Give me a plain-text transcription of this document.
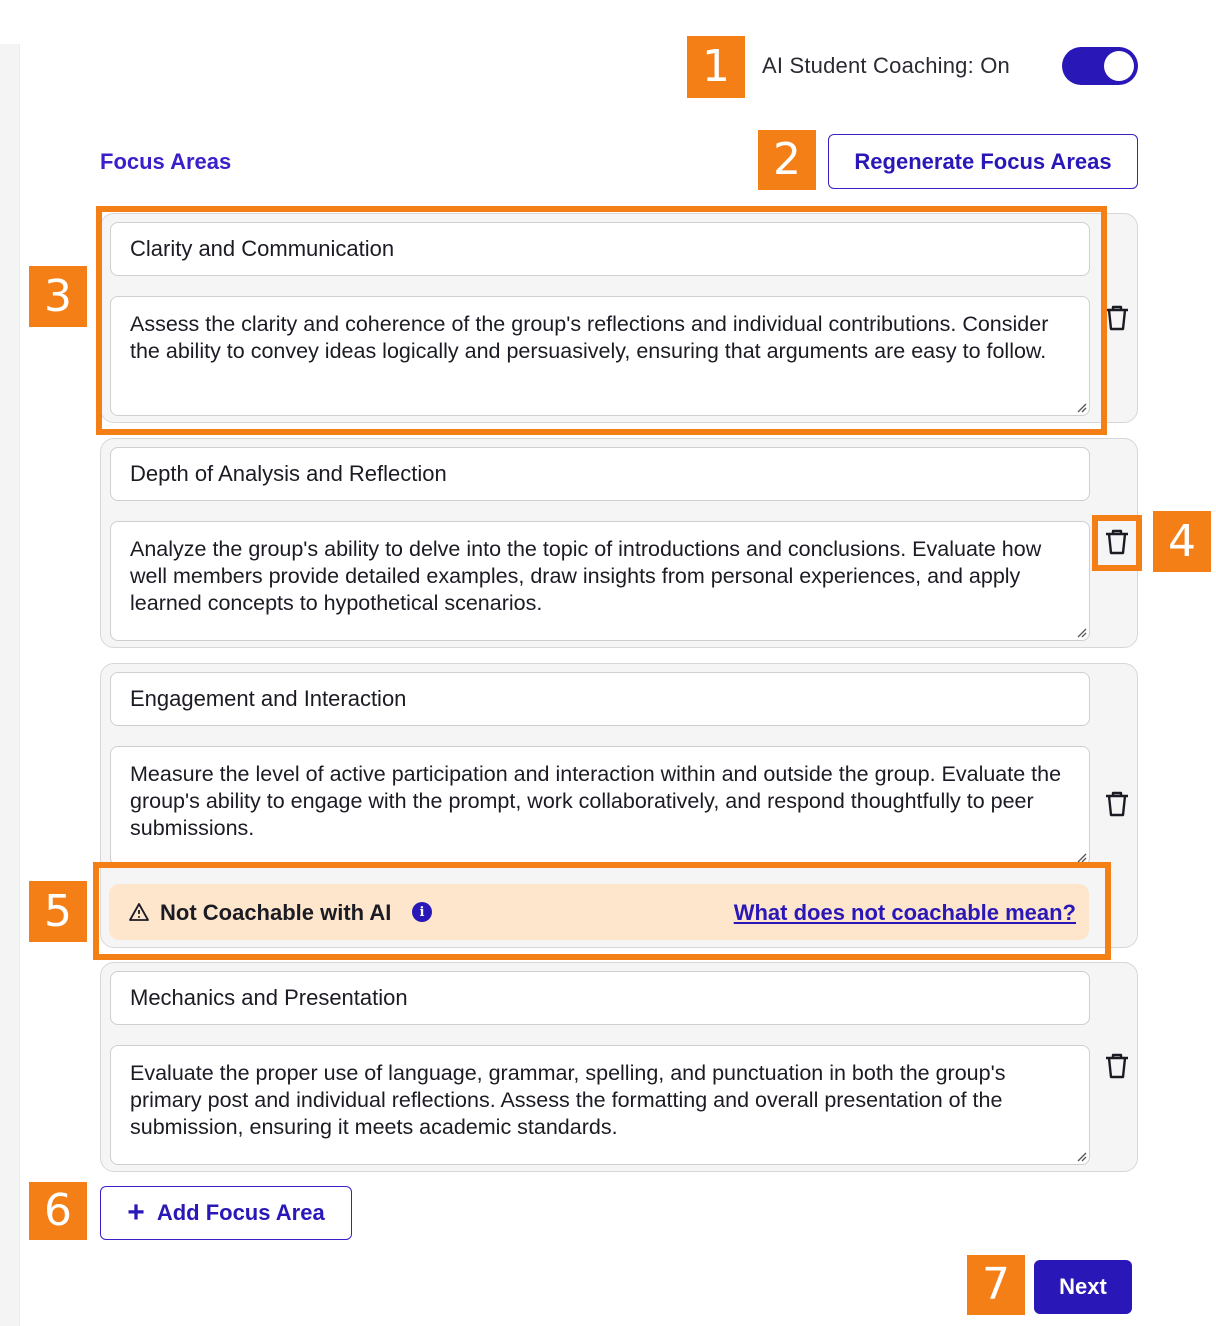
1
2
3
4
5
6
7
AI Student Coaching: On
Focus Areas	Regenerate Focus Areas
Clarity and Communication
Assess the clarity and coherence of the group's reflections and individual contributions. Consider the ability to convey ideas logically and persuasively, ensuring that arguments are easy to follow.
Depth of Analysis and Reflection
Analyze the group's ability to delve into the topic of introductions and conclusions. Evaluate how well members provide detailed examples, draw insights from personal experiences, and apply learned concepts to hypothetical scenarios.
Engagement and Interaction
Measure the level of active participation and interaction within and outside the group. Evaluate the group's ability to engage with the prompt, work collaboratively, and respond thoughtfully to peer submissions.
Not Coachable with AI	i	What does not coachable mean?
Mechanics and Presentation
Evaluate the proper use of language, grammar, spelling, and punctuation in both the group's primary post and individual reflections. Assess the formatting and overall presentation of the submission, ensuring it meets academic standards.
+ Add Focus Area
Next
